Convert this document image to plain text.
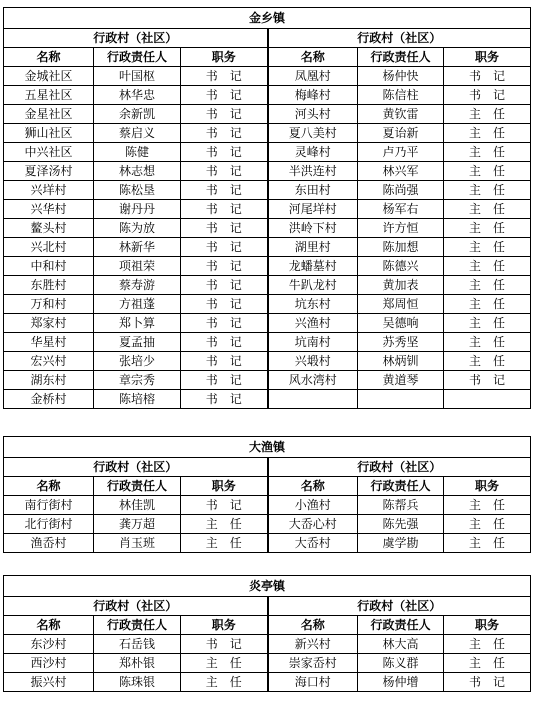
金乡镇					
行政村（社区）			行政村（社区）		
名称	行政责任人	职务	名称	行政责任人	职务
金城社区	叶国枢	书　记	凤凰村	杨仲快	书　记
五星社区	林华忠	书　记	梅峰村	陈信柱	书　记
金星社区	余新凯	书　记	河头村	黄钦雷	主　任
狮山社区	蔡启义	书　记	夏八美村	夏诒新	主　任
中兴社区	陈健	书　记	灵峰村	卢乃平	主　任
夏泽汤村	林志想	书　记	半洪连村	林兴军	主　任
兴垟村	陈松垦	书　记	东田村	陈尚强	主　任
兴华村	谢丹丹	书　记	河尾垟村	杨军右	主　任
鳌头村	陈为放	书　记	洪岭下村	许方恒	主　任
兴北村	林新华	书　记	湖里村	陈加想	主　任
中和村	项祖荣	书　记	龙蟠墓村	陈德兴	主　任
东胜村	蔡寿游	书　记	牛趴龙村	黄加表	主　任
万和村	方祖蓬	书　记	坑东村	郑周恒	主　任
郑家村	郑卜算	书　记	兴渔村	吴德响	主　任
华星村	夏孟抽	书　记	坑南村	苏秀坚	主　任
宏兴村	张培少	书　记	兴塅村	林炳钏	主　任
湖东村	章宗秀	书　记	风水湾村	黄道琴	书　记
金桥村	陈培榕	书　记			
大渔镇					
行政村（社区）			行政村（社区）		
名称	行政责任人	职务	名称	行政责任人	职务
南行街村	林佳凯	书　记	小渔村	陈帮兵	主　任
北行街村	龚万超	主　任	大岙心村	陈先强	主　任
渔岙村	肖玉班	主　任	大岙村	虞学勘	主　任
炎亭镇					
行政村（社区）			行政村（社区）		
名称	行政责任人	职务	名称	行政责任人	职务
东沙村	石岳钱	书　记	新兴村	林大高	主　任
西沙村	郑朴银	主　任	崇家岙村	陈义群	主　任
振兴村	陈珠银	主　任	海口村	杨仲增	书　记
